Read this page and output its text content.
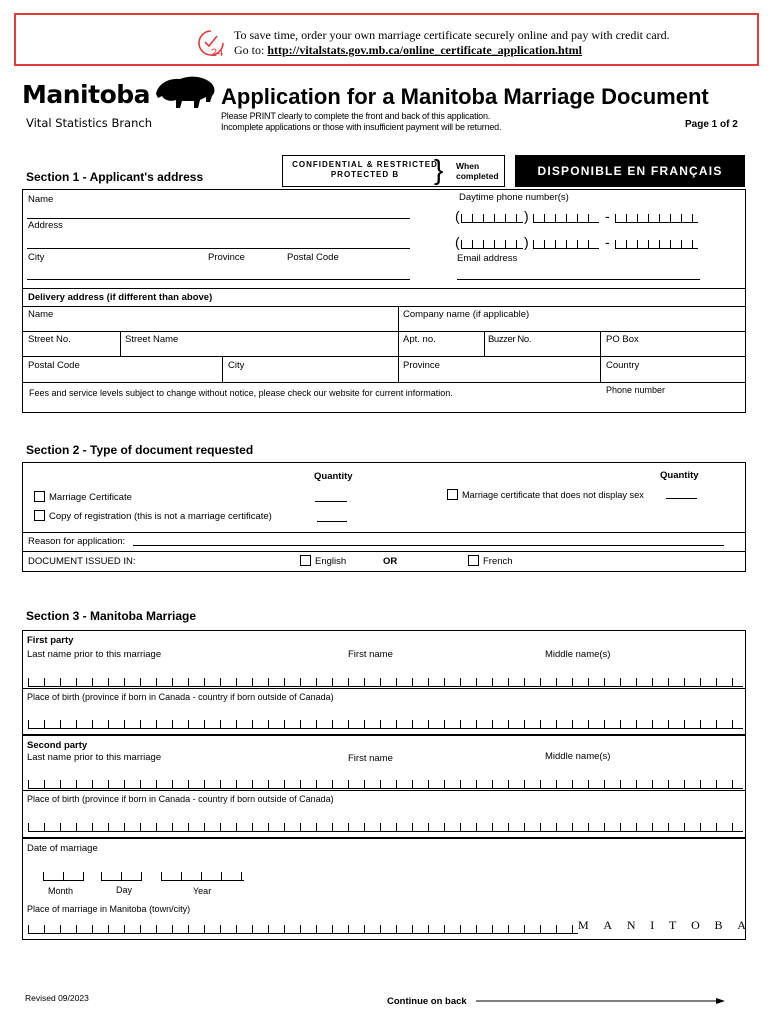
24
To save time, order your own marriage certificate securely online and pay with credit card.
Go to: http://vitalstats.gov.mb.ca/online_certificate_application.html
Manitoba
Vital Statistics Branch
Application for a Manitoba Marriage Document
Please PRINT clearly to complete the front and back of this application.
Incomplete applications or those with insufficient payment will be returned.	Page 1 of 2
CONFIDENTIAL & RESTRICTED
PROTECTED B	} When
completed	DISPONIBLE EN FRANÇAIS
Section 1 - Applicant's address
Name
Address
City	Province	Postal Code
Daytime phone number(s)
(	)	-
(	)	-
Email address
Delivery address (if different than above)
Name	Company name (if applicable)
Street No.	Street Name	Apt. no.	Buzzer No.	PO Box
Postal Code	City	Province	Country
Fees and service levels subject to change without notice, please check our website for current information.	Phone number
Section 2 - Type of document requested
Quantity	Quantity
Marriage Certificate
Copy of registration (this is not a marriage certificate)
Marriage certificate that does not display sex
Reason for application:
DOCUMENT ISSUED IN:	English	OR	French
Section 3 - Manitoba Marriage
First party
Last name prior to this marriage	First name	Middle name(s)
Place of birth (province if born in Canada - country if born outside of Canada)
Second party
Last name prior to this marriage	First name	Middle name(s)
Place of birth (province if born in Canada - country if born outside of Canada)
Date of marriage
Month	Day	Year
Place of marriage in Manitoba (town/city)
M A N I T O B A
Revised 09/2023	Continue on back
